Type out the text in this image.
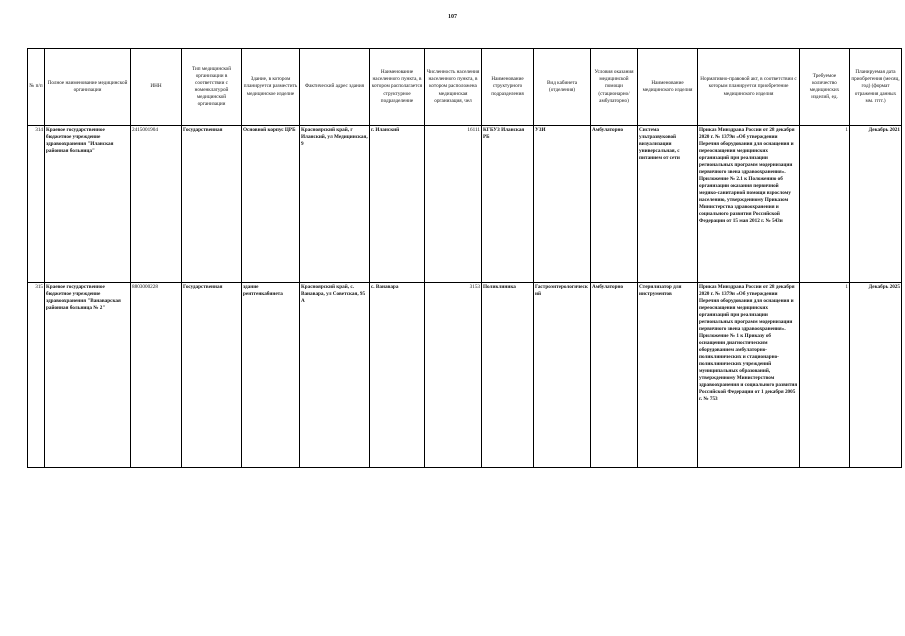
107
№ п/п	Полное наименование медицинской организации	ИНН	Тип медицинской организации в соответствии с номенклатурой медицинской организации	Здание, в котором планируется разместить медицинское изделие	Фактический адрес здания	Наименование населенного пункта, в котором располагается структурное подразделение	Численность населения населенного пункта, в котором расположена медицинская организация, чел	Наименование структурного подразделения	Вид кабинета (отделения)	Условия оказания медицинской помощи (стационарно/ амбулаторно)	Наименование медицинского изделия	Нормативно-правовой акт, в соответствии с которым планируется приобретение медицинского изделия	Требуемое количество медицинских изделий, ед.	Планируемая дата приобретения (месяц, год) (формат отражения данных мм. гггг.)
314	Краевое государственное бюджетное учреждение здравоохранения "Иланская районная больница"	2415001904	Государственная	Основной корпус ЦРБ	Красноярский край, г Иланский, ул Медицинская, 9	г. Иланский	16111	КГБУЗ Иланская РБ	УЗИ	Амбулаторно	Система ультразвуковой визуализации универсальная, с питанием от сети	Приказ Минздрава России от 28 декабря 2020 г. № 1379н «Об утверждении Перечня оборудования для оснащения и переоснащения медицинских организаций при реализации региональных программ модернизации первичного звена здравоохранения». Приложение № 2.1 к Положению об организации оказания первичной медико-санитарной помощи взрослому населению, утвержденному Приказом Министерства здравоохранения и социального развития Российской Федерации от 15 мая 2012 г. № 543н	1	Декабрь 2021
315	Краевое государственное бюджетное учреждение здравоохранения "Ванаварская районная больница № 2"	8803000228	Государственная	здание рентгенкабинета	Красноярский край, с. Ванавара, ул Советская, 95 А	с. Ванавара	3153	Поликлиника	Гастроэнтерологический	Амбулаторно	Стерилизатор для инструментов	Приказ Минздрава России от 28 декабря 2020 г. № 1379н «Об утверждении Перечня оборудования для оснащения и переоснащения медицинских организаций при реализации региональных программ модернизации первичного звена здравоохранения». Приложение № 1 к Приказу об оснащении диагностическим оборудованием амбулаторно-поликлинических и стационарно-поликлинических учреждений муниципальных образований, утвержденному Министерством здравоохранения и социального развития Российской Федерации от 1 декабря 2005 г. № 753	1	Декабрь 2025
